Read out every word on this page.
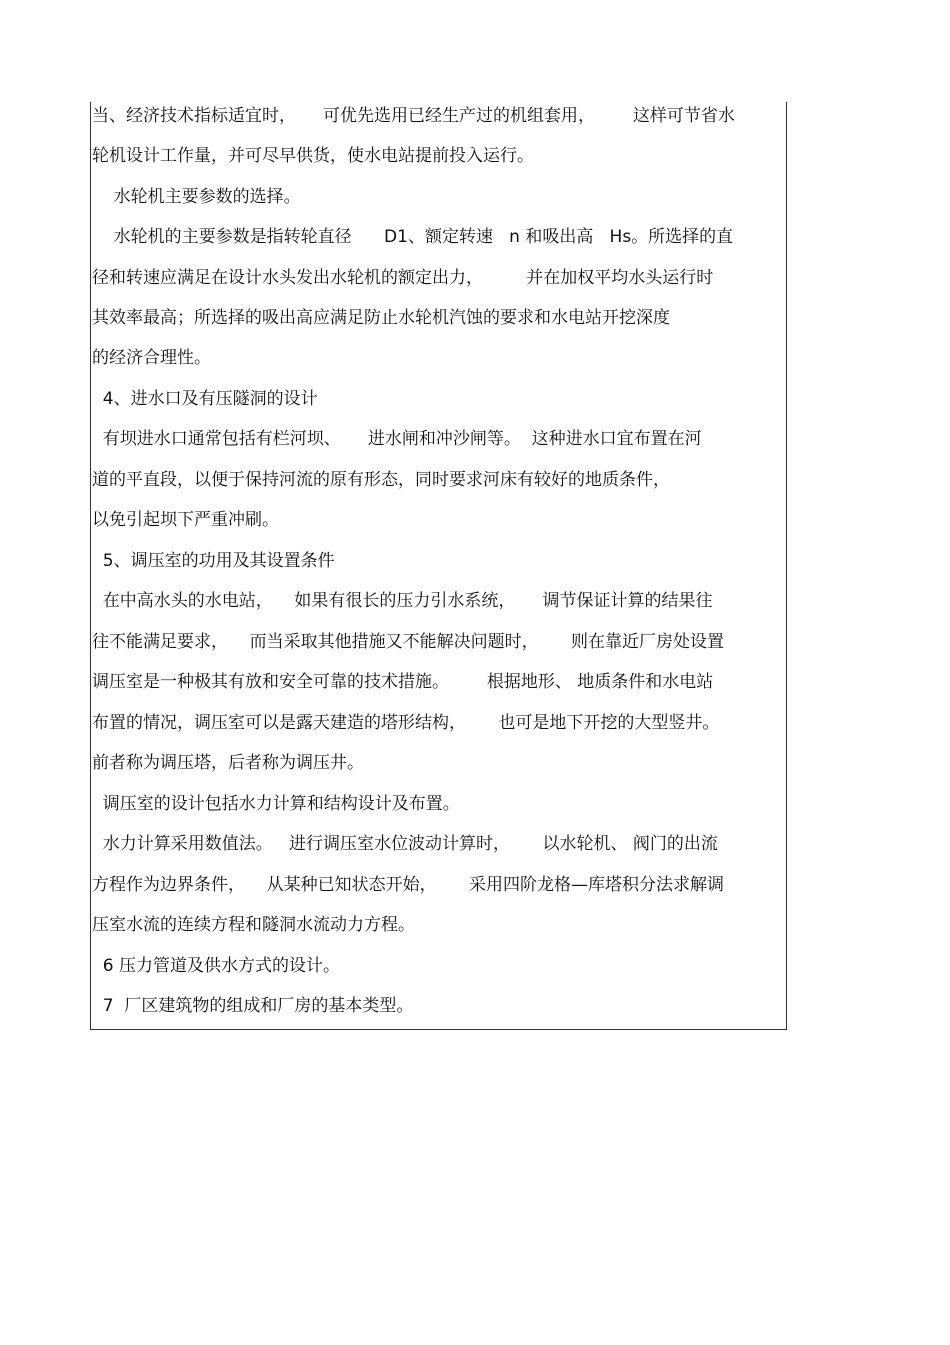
当、经济技术指标适宜时，     可优先选用已经生产过的机组套用，       这样可节省水
轮机设计工作量，并可尽早供货，使水电站提前投入运行。
水轮机主要参数的选择。
水轮机的主要参数是指转轮直径      D1、额定转速   n 和吸出高   Hs。所选择的直
径和转速应满足在设计水头发出水轮机的额定出力，        并在加权平均水头运行时
其效率最高；所选择的吸出高应满足防止水轮机汽蚀的要求和水电站开挖深度
的经济合理性。
4、进水口及有压隧洞的设计
有坝进水口通常包括有栏河坝、     进水闸和冲沙闸等。  这种进水口宜布置在河
道的平直段，以便于保持河流的原有形态，同时要求河床有较好的地质条件，
以免引起坝下严重冲刷。
5、调压室的功用及其设置条件
在中高水头的水电站，    如果有很长的压力引水系统，     调节保证计算的结果往
往不能满足要求，    而当采取其他措施又不能解决问题时，      则在靠近厂房处设置
调压室是一种极其有放和安全可靠的技术措施。       根据地形、 地质条件和水电站
布置的情况，调压室可以是露天建造的塔形结构，      也可是地下开挖的大型竖井。
前者称为调压塔，后者称为调压井。
调压室的设计包括水力计算和结构设计及布置。
水力计算采用数值法。   进行调压室水位波动计算时，      以水轮机、 阀门的出流
方程作为边界条件，    从某种已知状态开始，      采用四阶龙格—库塔积分法求解调
压室水流的连续方程和隧洞水流动力方程。
6 压力管道及供水方式的设计。
7  厂区建筑物的组成和厂房的基本类型。
